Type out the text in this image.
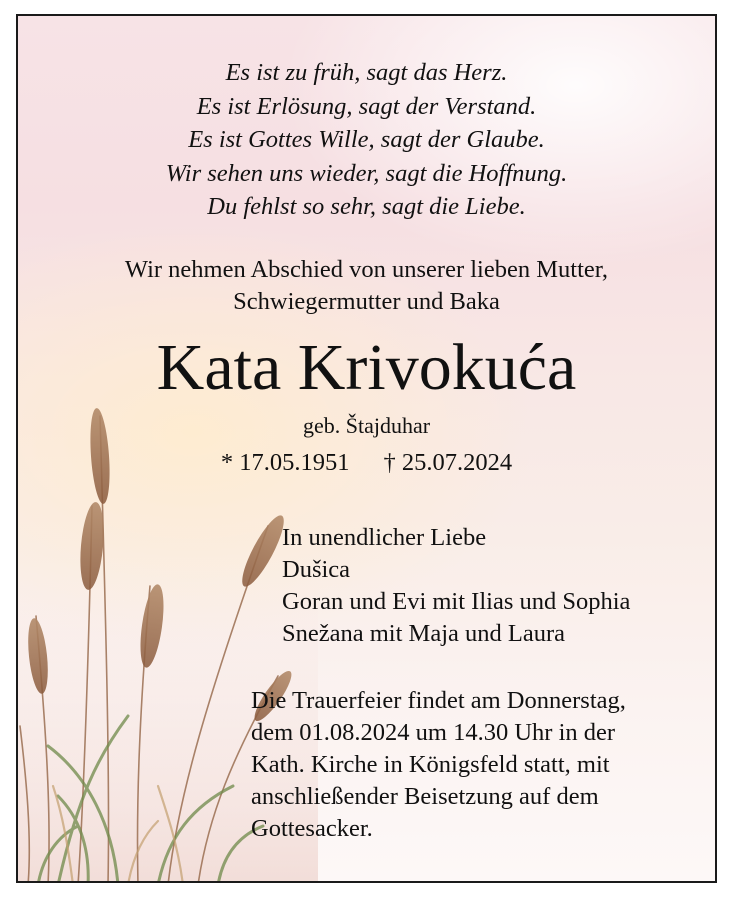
Es ist zu früh, sagt das Herz.
Es ist Erlösung, sagt der Verstand.
Es ist Gottes Wille, sagt der Glaube.
Wir sehen uns wieder, sagt die Hoffnung.
Du fehlst so sehr, sagt die Liebe.
Wir nehmen Abschied von unserer lieben Mutter,
Schwiegermutter und Baka
Kata Krivokuća
geb. Štajduhar
* 17.05.1951 † 25.07.2024
In unendlicher Liebe
Dušica
Goran und Evi mit Ilias und Sophia
Snežana mit Maja und Laura
Die Trauerfeier findet am Donnerstag,
dem 01.08.2024 um 14.30 Uhr in der
Kath. Kirche in Königsfeld statt, mit
anschließender Beisetzung auf dem
Gottesacker.
